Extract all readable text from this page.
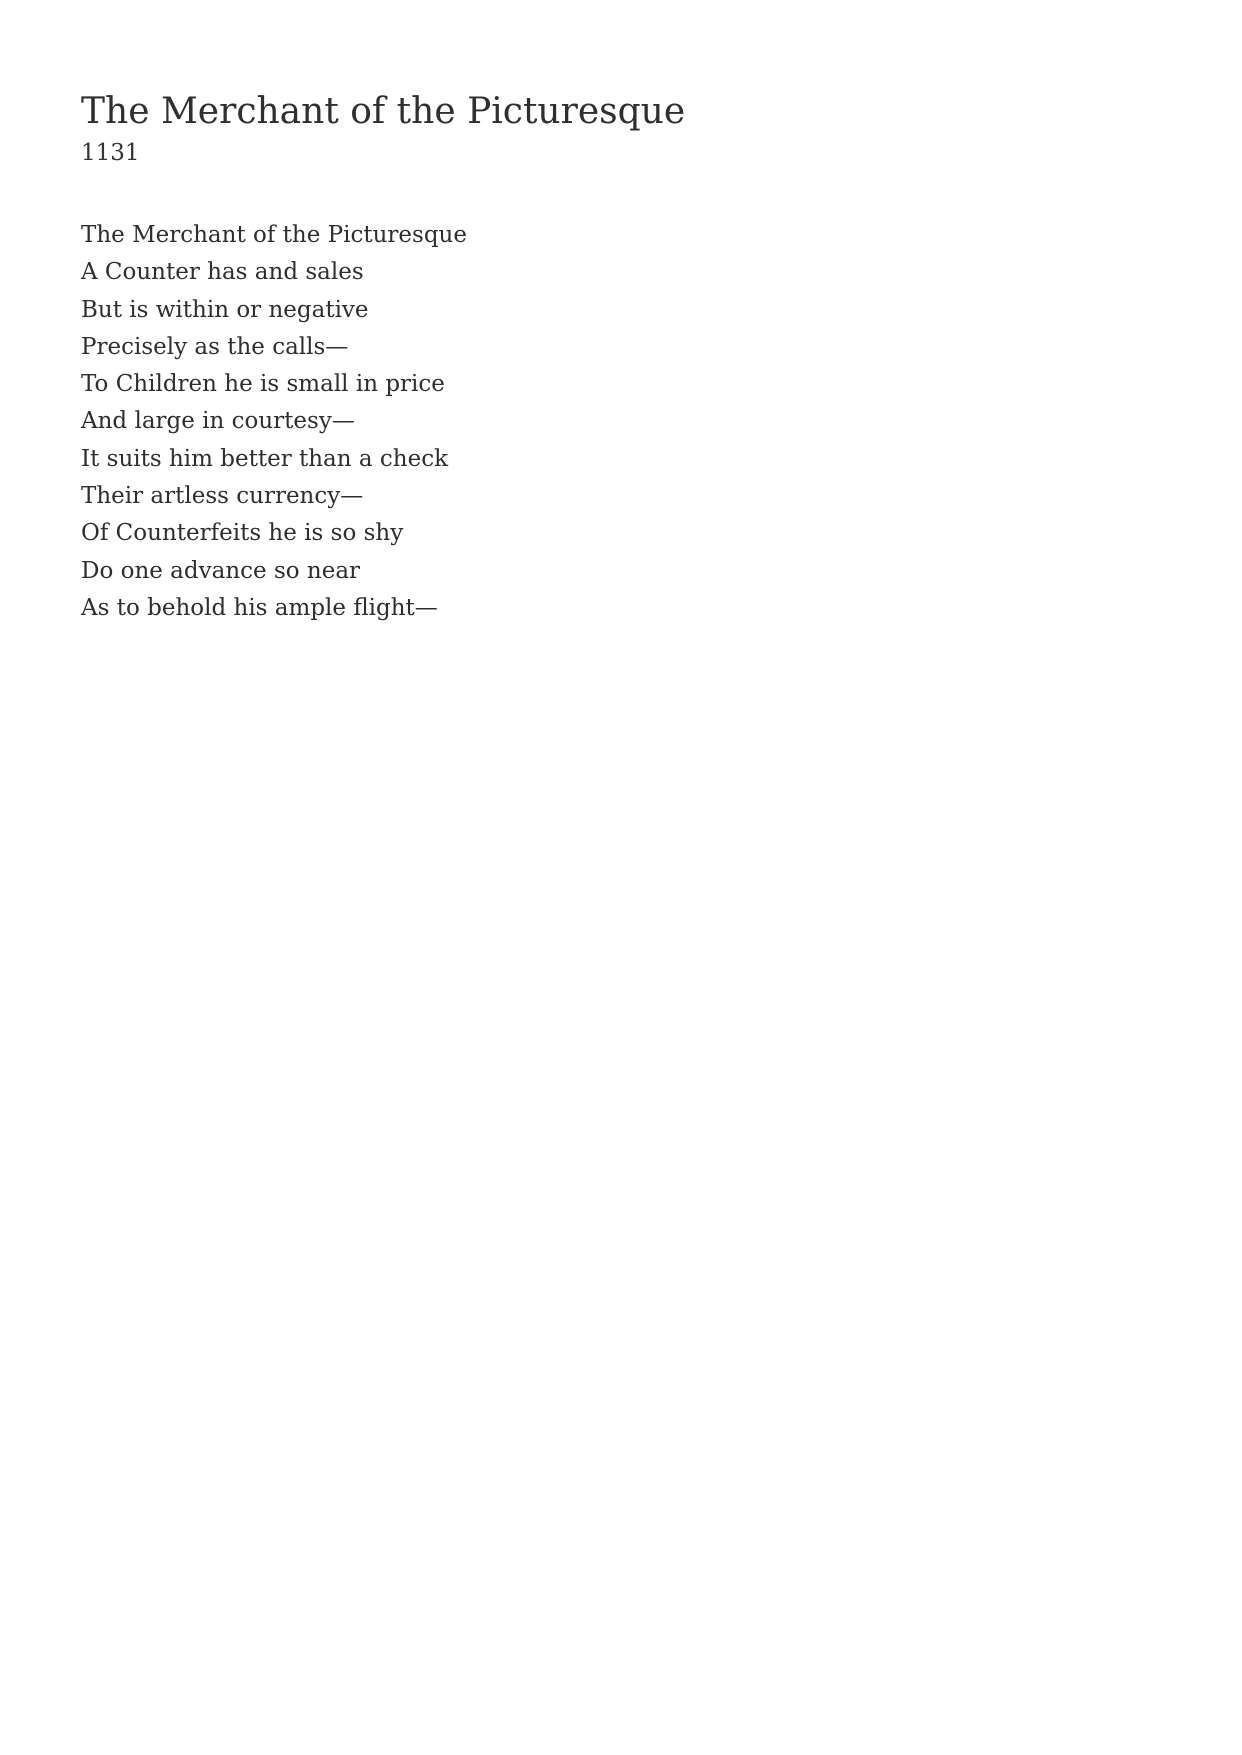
The Merchant of the Picturesque

1131

The Merchant of the Picturesque
A Counter has and sales
But is within or negative
Precisely as the calls—
To Children he is small in price
And large in courtesy—
It suits him better than a check
Their artless currency—
Of Counterfeits he is so shy
Do one advance so near
As to behold his ample flight—
